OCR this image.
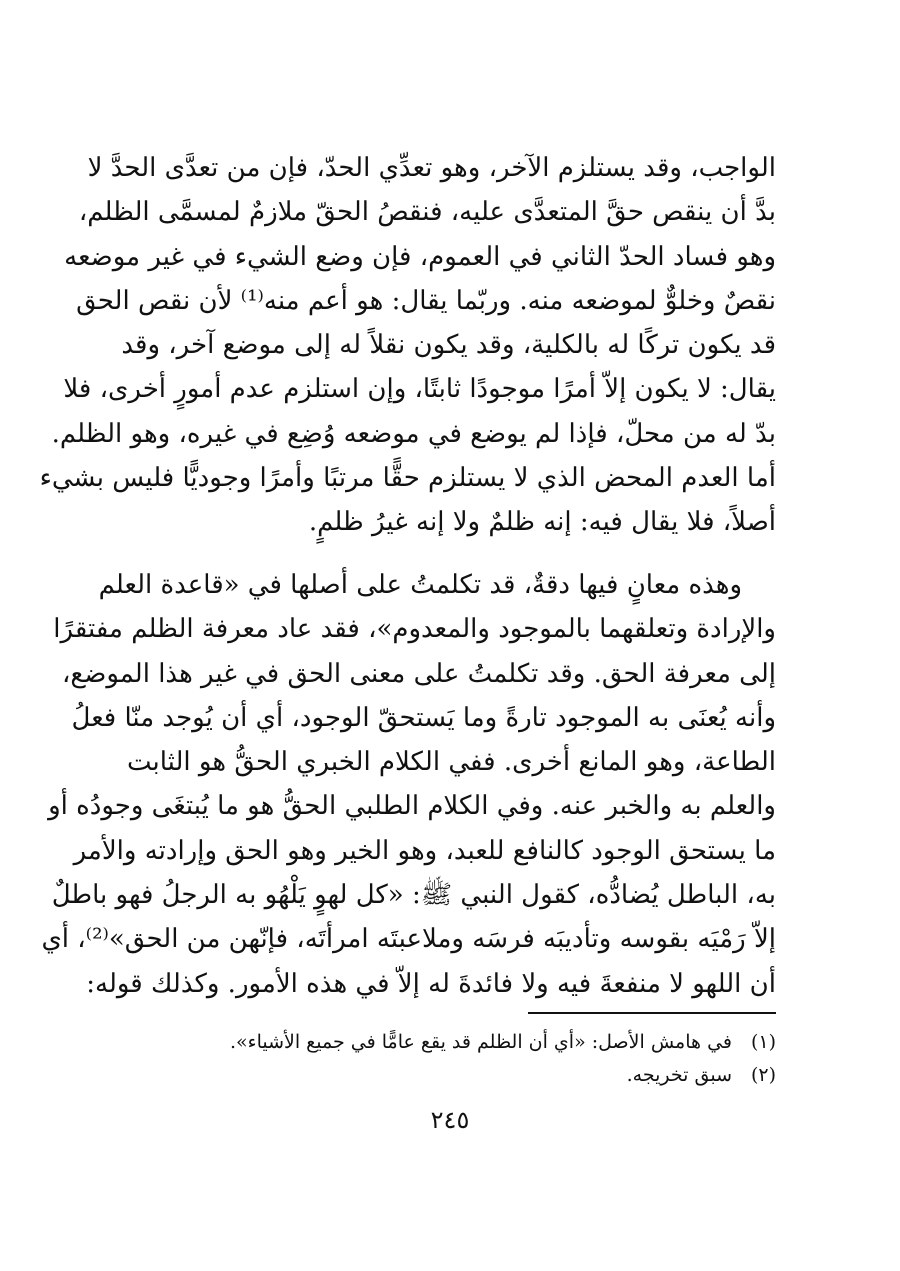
الواجب، وقد يستلزم الآخر، وهو تعدِّي الحدّ، فإن من تعدَّى الحدَّ لا
بدَّ أن ينقص حقَّ المتعدَّى عليه، فنقصُ الحقّ ملازمٌ لمسمَّى الظلم،
وهو فساد الحدّ الثاني في العموم، فإن وضع الشيء في غير موضعه
نقصٌ وخلوٌّ لموضعه منه. وربّما يقال: هو أعم منه⁽¹⁾ لأن نقص الحق
قد يكون تركًا له بالكلية، وقد يكون نقلاً له إلى موضع آخر، وقد
يقال: لا يكون إلاّ أمرًا موجودًا ثابتًا، وإن استلزم عدم أمورٍ أخرى، فلا
بدّ له من محلّ، فإذا لم يوضع في موضعه وُضِع في غيره، وهو الظلم.
أما العدم المحض الذي لا يستلزم حقًّا مرتبًا وأمرًا وجوديًّا فليس بشيء
أصلاً، فلا يقال فيه: إنه ظلمٌ ولا إنه غيرُ ظلمٍ.
وهذه معانٍ فيها دقةٌ، قد تكلمتُ على أصلها في «قاعدة العلم
والإرادة وتعلقهما بالموجود والمعدوم»، فقد عاد معرفة الظلم مفتقرًا
إلى معرفة الحق. وقد تكلمتُ على معنى الحق في غير هذا الموضع،
وأنه يُعنَى به الموجود تارةً وما يَستحقّ الوجود، أي أن يُوجد منّا فعلُ
الطاعة، وهو المانع أخرى. ففي الكلام الخبري الحقُّ هو الثابت
والعلم به والخبر عنه. وفي الكلام الطلبي الحقُّ هو ما يُبتغَى وجودُه أو
ما يستحق الوجود كالنافع للعبد، وهو الخير وهو الحق وإرادته والأمر
به، الباطل يُضادُّه، كقول النبي ﷺ: «كل لهوٍ يَلْهُو به الرجلُ فهو باطلٌ
إلاّ رَمْيَه بقوسه وتأديبَه فرسَه وملاعبتَه امرأتَه، فإنّهن من الحق»⁽²⁾، أي
أن اللهو لا منفعةَ فيه ولا فائدةَ له إلاّ في هذه الأمور. وكذلك قوله:
(١)في هامش الأصل: «أي أن الظلم قد يقع عامًّا في جميع الأشياء».
(٢)سبق تخريجه.
٢٤٥
